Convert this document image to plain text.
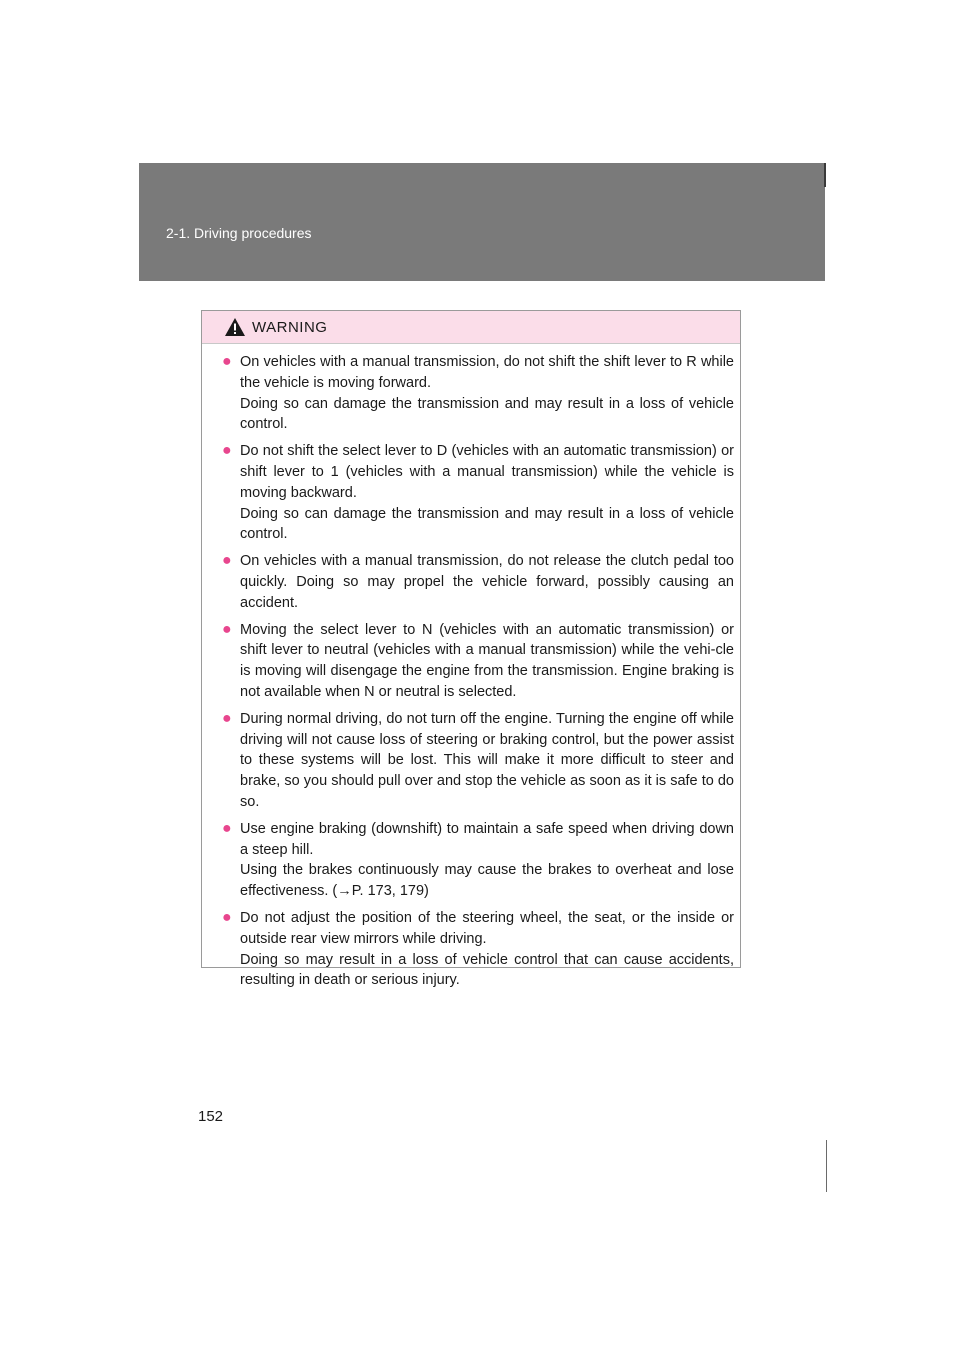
2-1. Driving procedures
WARNING
● On vehicles with a manual transmission, do not shift the shift lever to R while the vehicle is moving forward.

Doing so can damage the transmission and may result in a loss of vehicle control.

● Do not shift the select lever to D (vehicles with an automatic transmission) or shift lever to 1 (vehicles with a manual transmission) while the vehicle is moving backward.

Doing so can damage the transmission and may result in a loss of vehicle control.

● On vehicles with a manual transmission, do not release the clutch pedal too quickly. Doing so may propel the vehicle forward, possibly causing an accident.

● Moving the select lever to N (vehicles with an automatic transmission) or shift lever to neutral (vehicles with a manual transmission) while the vehi-cle is moving will disengage the engine from the transmission. Engine braking is not available when N or neutral is selected.

● During normal driving, do not turn off the engine. Turning the engine off while driving will not cause loss of steering or braking control, but the power assist to these systems will be lost. This will make it more difficult to steer and brake, so you should pull over and stop the vehicle as soon as it is safe to do so.

● Use engine braking (downshift) to maintain a safe speed when driving down a steep hill.

Using the brakes continuously may cause the brakes to overheat and lose effectiveness. (→P. 173, 179)

● Do not adjust the position of the steering wheel, the seat, or the inside or outside rear view mirrors while driving.

Doing so may result in a loss of vehicle control that can cause accidents, resulting in death or serious injury.

152
